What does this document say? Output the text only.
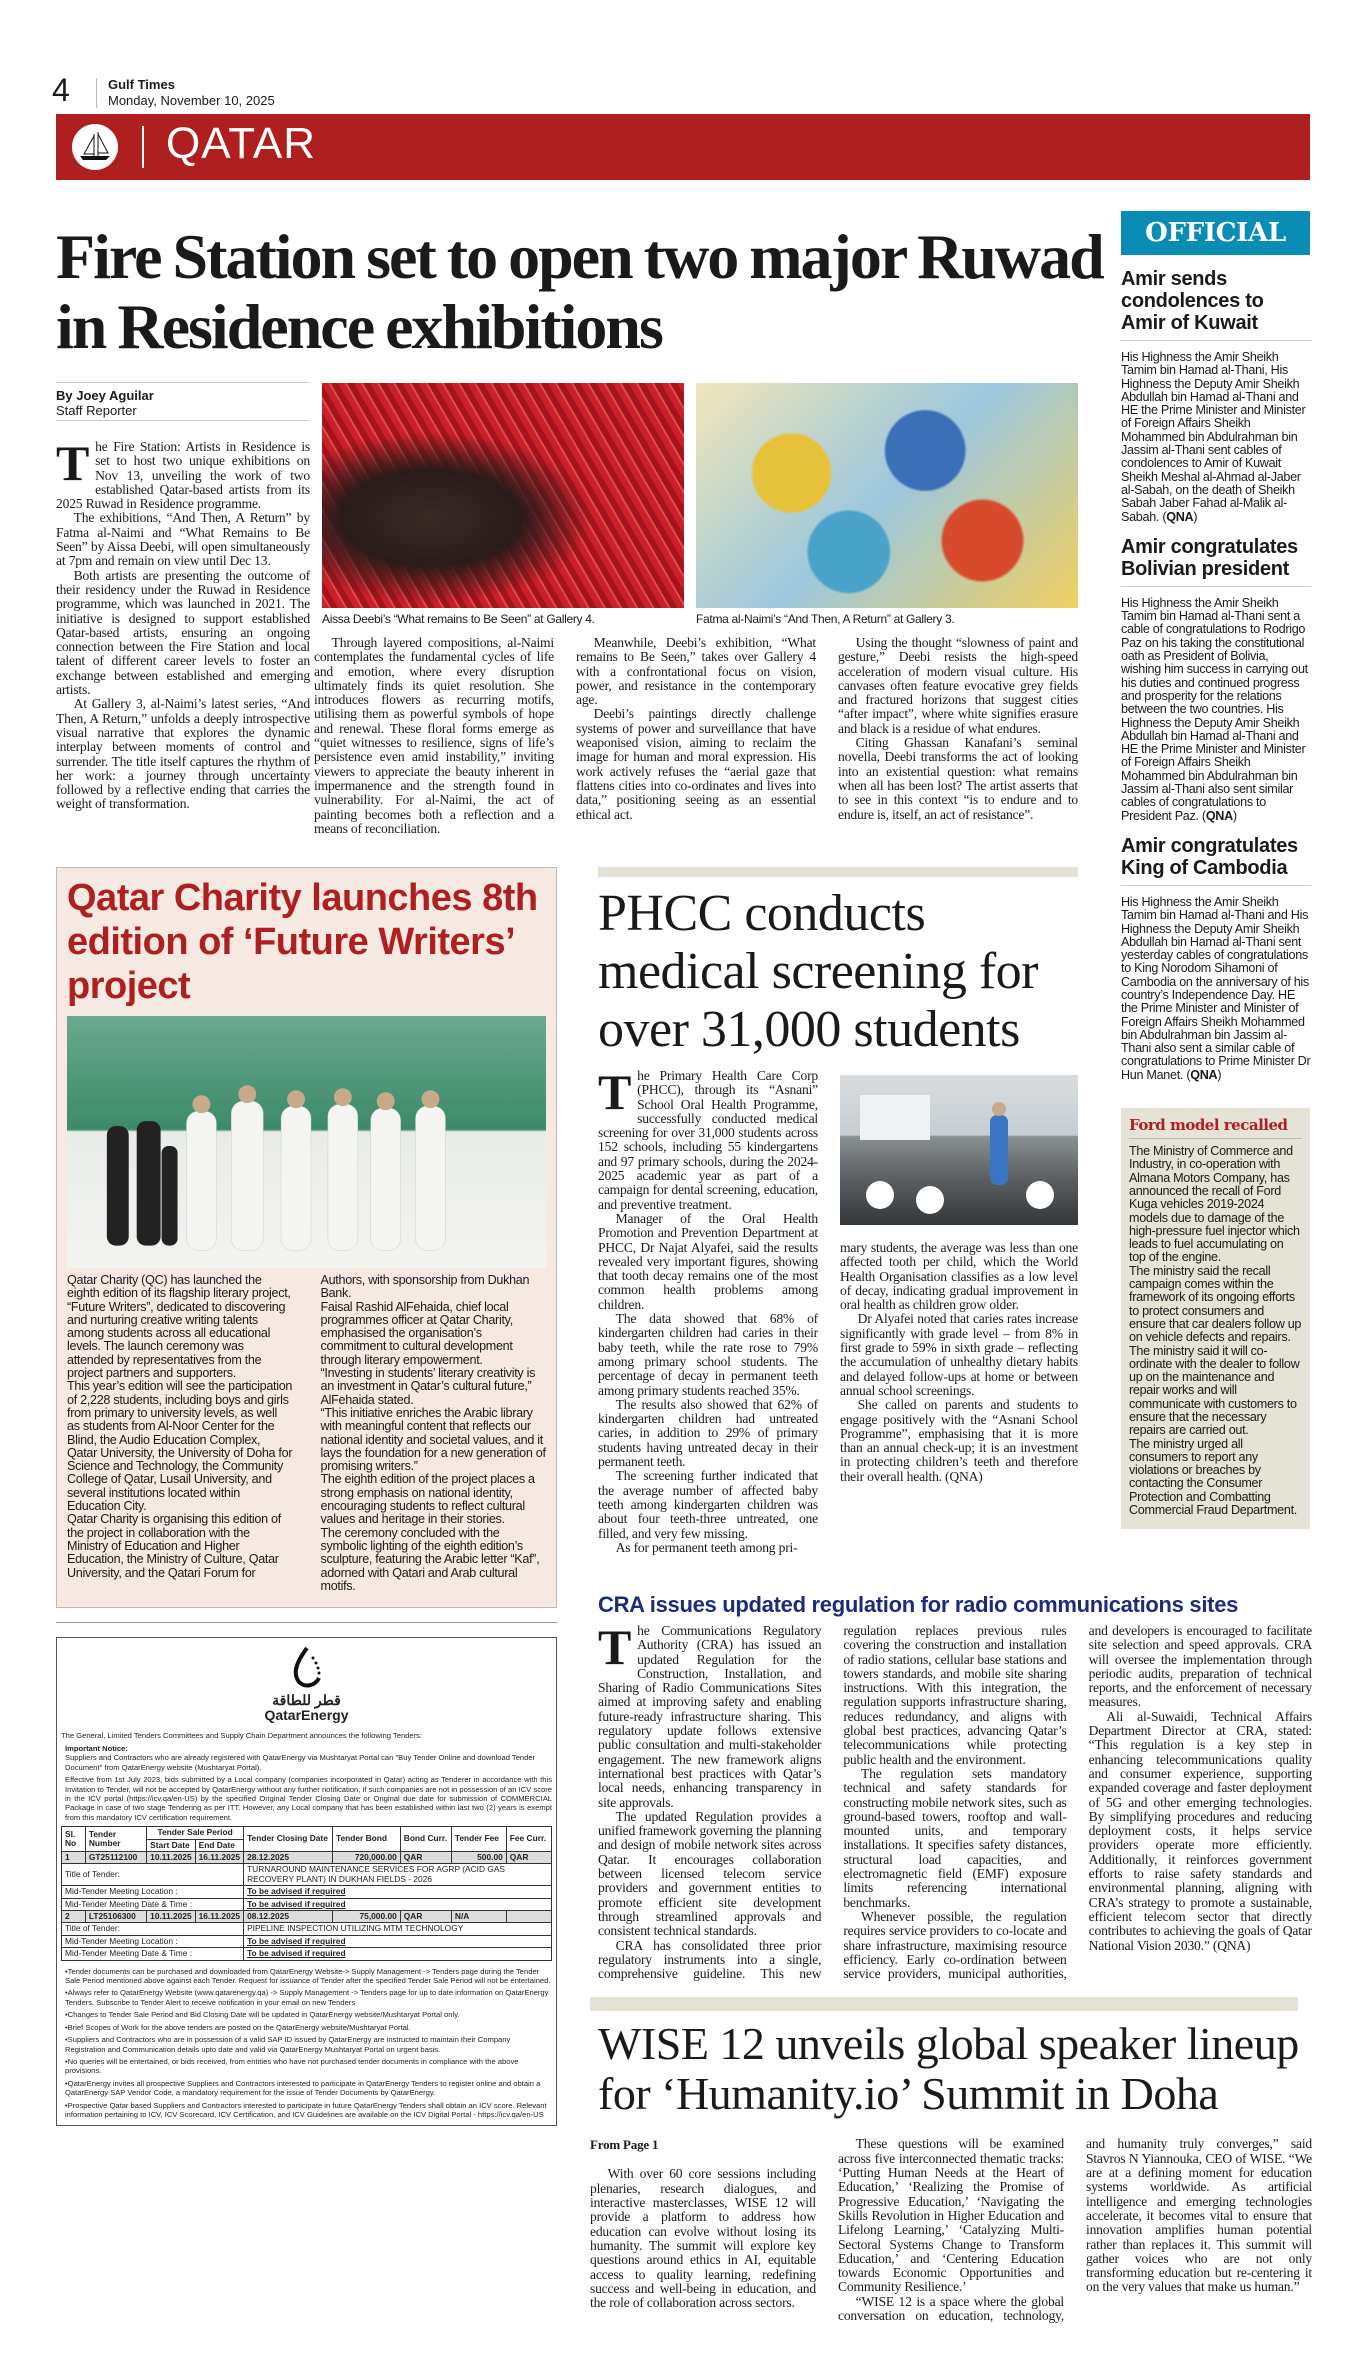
4	Gulf Times
Monday, November 10, 2025
QATAR
Fire Station set to open two major Ruwad in Residence exhibitions
By Joey Aguilar
Staff Reporter
Aissa Deebi’s “What remains to Be Seen” at Gallery 4.	Fatma al-Naimi’s “And Then, A Return” at Gallery 3.

The Fire Station: Artists in Residence is set to host two unique exhibitions on Nov 13, unveiling the work of two established Qatar-based artists from its 2025 Ruwad in Residence programme.

The exhibitions, “And Then, A Return” by Fatma al-Naimi and “What Remains to Be Seen” by Aissa Deebi, will open simultaneously at 7pm and remain on view until Dec 13.

Both artists are presenting the outcome of their residency under the Ruwad in Residence programme, which was launched in 2021. The initiative is designed to support established Qatar-based artists, ensuring an ongoing connection between the Fire Station and local talent of different career levels to foster an exchange between established and emerging artists.

At Gallery 3, al-Naimi’s latest series, “And Then, A Return,” unfolds a deeply introspective visual narrative that explores the dynamic interplay between moments of control and surrender. The title itself captures the rhythm of her work: a journey through uncertainty followed by a reflective ending that carries the weight of transformation.

Through layered compositions, al-Naimi contemplates the fundamental cycles of life and emotion, where every disruption ultimately finds its quiet resolution. She introduces flowers as recurring motifs, utilising them as powerful symbols of hope and renewal. These floral forms emerge as “quiet witnesses to resilience, signs of life’s persistence even amid instability,” inviting viewers to appreciate the beauty inherent in impermanence and the strength found in vulnerability. For al-Naimi, the act of painting becomes both a reflection and a means of reconciliation.

Meanwhile, Deebi’s exhibition, “What remains to Be Seen,” takes over Gallery 4 with a confrontational focus on vision, power, and resistance in the contemporary age.

Deebi’s paintings directly challenge systems of power and surveillance that have weaponised vision, aiming to reclaim the image for human and moral expression. His work actively refuses the “aerial gaze that flattens cities into co-ordinates and lives into data,” positioning seeing as an essential ethical act.

Using the thought “slowness of paint and gesture,” Deebi resists the high-speed acceleration of modern visual culture. His canvases often feature evocative grey fields and fractured horizons that suggest cities “after impact”, where white signifies erasure and black is a residue of what endures.

Citing Ghassan Kanafani’s seminal novella, Deebi transforms the act of looking into an existential question: what remains when all has been lost? The artist asserts that to see in this context “is to endure and to endure is, itself, an act of resistance”.

OFFICIAL
Amir sends condolences to Amir of Kuwait
His Highness the Amir Sheikh Tamim bin Hamad al-Thani, His Highness the Deputy Amir Sheikh Abdullah bin Hamad al-Thani and HE the Prime Minister and Minister of Foreign Affairs Sheikh Mohammed bin Abdulrahman bin Jassim al-Thani sent cables of condolences to Amir of Kuwait Sheikh Meshal al-Ahmad al-Jaber al-Sabah, on the death of Sheikh Sabah Jaber Fahad al-Malik al-Sabah. ( QNA )
Amir congratulates Bolivian president
His Highness the Amir Sheikh Tamim bin Hamad al-Thani sent a cable of congratulations to Rodrigo Paz on his taking the constitutional oath as President of Bolivia, wishing him success in carrying out his duties and continued progress and prosperity for the relations between the two countries. His Highness the Deputy Amir Sheikh Abdullah bin Hamad al-Thani and HE the Prime Minister and Minister of Foreign Affairs Sheikh Mohammed bin Abdulrahman bin Jassim al-Thani also sent similar cables of congratulations to President Paz. ( QNA )
Amir congratulates King of Cambodia
His Highness the Amir Sheikh Tamim bin Hamad al-Thani and His Highness the Deputy Amir Sheikh Abdullah bin Hamad al-Thani sent yesterday cables of congratulations to King Norodom Sihamoni of Cambodia on the anniversary of his country’s Independence Day. HE the Prime Minister and Minister of Foreign Affairs Sheikh Mohammed bin Abdulrahman bin Jassim al-Thani also sent a similar cable of congratulations to Prime Minister Dr Hun Manet. ( QNA )
Ford model recalled

The Ministry of Commerce and Industry, in co-operation with Almana Motors Company, has announced the recall of Ford Kuga vehicles 2019-2024 models due to damage of the high-pressure fuel injector which leads to fuel accumulating on top of the engine.

The ministry said the recall campaign comes within the framework of its ongoing efforts to protect consumers and ensure that car dealers follow up on vehicle defects and repairs.

The ministry said it will co-ordinate with the dealer to follow up on the maintenance and repair works and will communicate with customers to ensure that the necessary repairs are carried out.

The ministry urged all consumers to report any violations or breaches by contacting the Consumer Protection and Combatting Commercial Fraud Department.

Qatar Charity launches 8th edition of ‘Future Writers’ project

Qatar Charity (QC) has launched the eighth edition of its flagship literary project, “Future Writers”, dedicated to discovering and nurturing creative writing talents among students across all educational levels. The launch ceremony was attended by representatives from the project partners and supporters.

This year’s edition will see the participation of 2,228 students, including boys and girls from primary to university levels, as well as students from Al-Noor Center for the Blind, the Audio Education Complex, Qatar University, the University of Doha for Science and Technology, the Community College of Qatar, Lusail University, and several institutions located within Education City.

Qatar Charity is organising this edition of the project in collaboration with the Ministry of Education and Higher Education, the Ministry of Culture, Qatar University, and the Qatari Forum for Authors, with sponsorship from Dukhan Bank.

Faisal Rashid AlFehaida, chief local programmes officer at Qatar Charity, emphasised the organisation’s commitment to cultural development through literary empowerment.

“Investing in students’ literary creativity is an investment in Qatar’s cultural future,” AlFehaida stated.

“This initiative enriches the Arabic library with meaningful content that reflects our national identity and societal values, and it lays the foundation for a new generation of promising writers.”

The eighth edition of the project places a strong emphasis on national identity, encouraging students to reflect cultural values and heritage in their stories.

The ceremony concluded with the symbolic lighting of the eighth edition’s sculpture, featuring the Arabic letter “Kaf”, adorned with Qatari and Arab cultural motifs.

قطر للطاقة
QatarEnergy
The General, Limited Tenders Committees and Supply Chain Department announces the following Tenders:
Important Notice:
Suppliers and Contractors who are already registered with QatarEnergy via Mushtaryat Portal can "Buy Tender Online and download Tender Document" from QatarEnergy website (Mushtaryat Portal).
Effective from 1st July 2023, bids submitted by a Local company (companies incorporated in Qatar) acting as Tenderer in accordance with this Invitation to Tender, will not be accepted by QatarEnergy without any further notification, if such companies are not in possession of an ICV score in the ICV portal (https://icv.qa/en-US) by the specified Original Tender Closing Date or Original due date for submission of COMMERCIAL Package in case of two stage Tendering as per ITT. However, any Local company that has been established within last two (2) years is exempt from this mandatory ICV certification requirement.
Sl. No	Tender Number	Tender Sale Period		Tender Closing Date	Tender Bond	Bond Curr.	Tender Fee	Fee Curr.
		Start Date	End Date					
1	GT25112100	10.11.2025	16.11.2025	28.12.2025	720,000.00	QAR	500.00	QAR
Title of Tender:				TURNAROUND MAINTENANCE SERVICES FOR AGRP (ACID GAS RECOVERY PLANT) IN DUKHAN FIELDS - 2026				
Mid-Tender Meeting Location :				To be advised if required				
Mid-Tender Meeting Date & Time :				To be advised if required				
2	LT25106300	10.11.2025	16.11.2025	08.12.2025	75,000.00	QAR	N/A	
Title of Tender:				PIPELINE INSPECTION UTILIZING MTM TECHNOLOGY				
Mid-Tender Meeting Location :				To be advised if required				
Mid-Tender Meeting Date & Time :				To be advised if required				
• Tender documents can be purchased and downloaded from QatarEnergy Website-> Supply Management -> Tenders page during the Tender Sale Period mentioned above against each Tender. Request for issuance of Tender after the specified Tender Sale Period will not be entertained.
• Always refer to QatarEnergy Website (www.qatarenergy.qa) -> Supply Management -> Tenders page for up to date information on QatarEnergy Tenders. Subscribe to Tender Alert to receive notification in your email on new Tenders
• Changes to Tender Sale Period and Bid Closing Date will be updated in QatarEnergy website/Mushtaryat Portal only.
• Brief Scopes of Work for the above tenders are posted on the QatarEnergy website/Mushtaryat Portal.
• Suppliers and Contractors who are in possession of a valid SAP ID issued by QatarEnergy are instructed to maintain their Company Registration and Communication details upto date and valid via QatarEnergy Mushtaryat Portal on urgent basis.
• No queries will be entertained, or bids received, from entities who have not purchased tender documents in compliance with the above provisions.
• QatarEnergy invites all prospective Suppliers and Contractors interested to participate in QatarEnergy Tenders to register online and obtain a QatarEnergy SAP Vendor Code, a mandatory requirement for the issue of Tender Documents by QatarEnergy.
• Prospective Qatar based Suppliers and Contractors interested to participate in future QatarEnergy Tenders shall obtain an ICV score. Relevant information pertaining to ICV, ICV Scorecard, ICV Certification, and ICV Guidelines are available on the ICV Digital Portal - https://icv.qa/en-US
PHCC conducts medical screening for over 31,000 students

The Primary Health Care Corp (PHCC), through its “Asnani” School Oral Health Programme, successfully conducted medical screening for over 31,000 students across 152 schools, including 55 kindergartens and 97 primary schools, during the 2024-2025 academic year as part of a campaign for dental screening, education, and preventive treatment.

Manager of the Oral Health Promotion and Prevention Department at PHCC, Dr Najat Alyafei, said the results revealed very important figures, showing that tooth decay remains one of the most common health problems among children.

The data showed that 68% of kindergarten children had caries in their baby teeth, while the rate rose to 79% among primary school students. The percentage of decay in permanent teeth among primary students reached 35%.

The results also showed that 62% of kindergarten children had untreated caries, in addition to 29% of primary students having untreated decay in their permanent teeth.

The screening further indicated that the average number of affected baby teeth among kindergarten children was about four teeth-three untreated, one filled, and very few missing.

As for permanent teeth among pri-

mary students, the average was less than one affected tooth per child, which the World Health Organisation classifies as a low level of decay, indicating gradual improvement in oral health as children grow older.

Dr Alyafei noted that caries rates increase significantly with grade level – from 8% in first grade to 59% in sixth grade – reflecting the accumulation of unhealthy dietary habits and delayed follow-ups at home or between annual school screenings.

She called on parents and students to engage positively with the “Asnani School Programme”, emphasising that it is more than an annual check-up; it is an investment in protecting children’s teeth and therefore their overall health. (QNA)

CRA issues updated regulation for radio communications sites

The Communications Regulatory Authority (CRA) has issued an updated Regulation for the Construction, Installation, and Sharing of Radio Communications Sites aimed at improving safety and enabling future-ready infrastructure sharing. This regulatory update follows extensive public consultation and multi-stakeholder engagement. The new framework aligns international best practices with Qatar’s local needs, enhancing transparency in site approvals.

The updated Regulation provides a unified framework governing the planning and design of mobile network sites across Qatar. It encourages collaboration between licensed telecom service providers and government entities to promote efficient site development through streamlined approvals and consistent technical standards.

CRA has consolidated three prior regulatory instruments into a single, comprehensive guideline. This new regulation replaces previous rules covering the construction and installation of radio stations, cellular base stations and towers standards, and mobile site sharing instructions. With this integration, the regulation supports infrastructure sharing, reduces redundancy, and aligns with global best practices, advancing Qatar’s telecommunications while protecting public health and the environment.

The regulation sets mandatory technical and safety standards for constructing mobile network sites, such as ground-based towers, rooftop and wall-mounted units, and temporary installations. It specifies safety distances, structural load capacities, and electromagnetic field (EMF) exposure limits referencing international benchmarks.

Whenever possible, the regulation requires service providers to co-locate and share infrastructure, maximising resource efficiency. Early co-ordination between service providers, municipal authorities, and developers is encouraged to facilitate site selection and speed approvals. CRA will oversee the implementation through periodic audits, preparation of technical reports, and the enforcement of necessary measures.

Ali al-Suwaidi, Technical Affairs Department Director at CRA, stated: “This regulation is a key step in enhancing telecommunications quality and consumer experience, supporting expanded coverage and faster deployment of 5G and other emerging technologies. By simplifying procedures and reducing deployment costs, it helps service providers operate more efficiently. Additionally, it reinforces government efforts to raise safety standards and environmental planning, aligning with CRA’s strategy to promote a sustainable, efficient telecom sector that directly contributes to achieving the goals of Qatar National Vision 2030.” (QNA)

WISE 12 unveils global speaker lineup for ‘Humanity.io’ Summit in Doha

From Page 1

With over 60 core sessions including plenaries, research dialogues, and interactive masterclasses, WISE 12 will provide a platform to address how education can evolve without losing its humanity. The summit will explore key questions around ethics in AI, equitable access to quality learning, redefining success and well-being in education, and the role of collaboration across sectors.

These questions will be examined across five interconnected thematic tracks: ‘Putting Human Needs at the Heart of Education,’ ‘Realizing the Promise of Progressive Education,’ ‘Navigating the Skills Revolution in Higher Education and Lifelong Learning,’ ‘Catalyzing Multi-Sectoral Systems Change to Transform Education,’ and ‘Centering Education towards Economic Opportunities and Community Resilience.’

“WISE 12 is a space where the global conversation on education, technology, and humanity truly converges,” said Stavros N Yiannouka, CEO of WISE. “We are at a defining moment for education systems worldwide. As artificial intelligence and emerging technologies accelerate, it becomes vital to ensure that innovation amplifies human potential rather than replaces it. This summit will gather voices who are not only transforming education but re-centering it on the very values that make us human.”
